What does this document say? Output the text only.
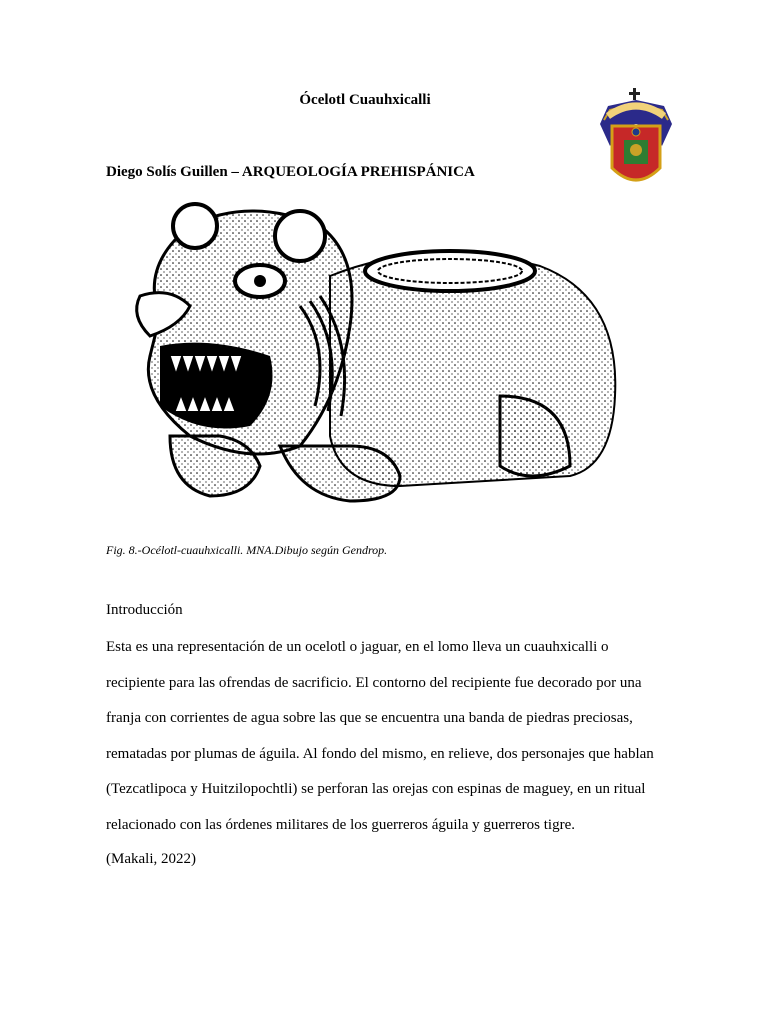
Ócelotl Cuauhxicalli
Diego Solís Guillen – ARQUEOLOGÍA PREHISPÁNICA
Fig. 8.-Océlotl-cuauhxicalli. MNA.Dibujo según Gendrop.
Introducción

Esta es una representación de un ocelotl o jaguar, en el lomo lleva un cuauhxicalli o

recipiente para las ofrendas de sacrificio. El contorno del recipiente fue decorado por una

franja con corrientes de agua sobre las que se encuentra una banda de piedras preciosas,

rematadas por plumas de águila. Al fondo del mismo, en relieve, dos personajes que hablan

(Tezcatlipoca y Huitzilopochtli) se perforan las orejas con espinas de maguey, en un ritual

relacionado con las órdenes militares de los guerreros águila y guerreros tigre.

(Makali, 2022)
